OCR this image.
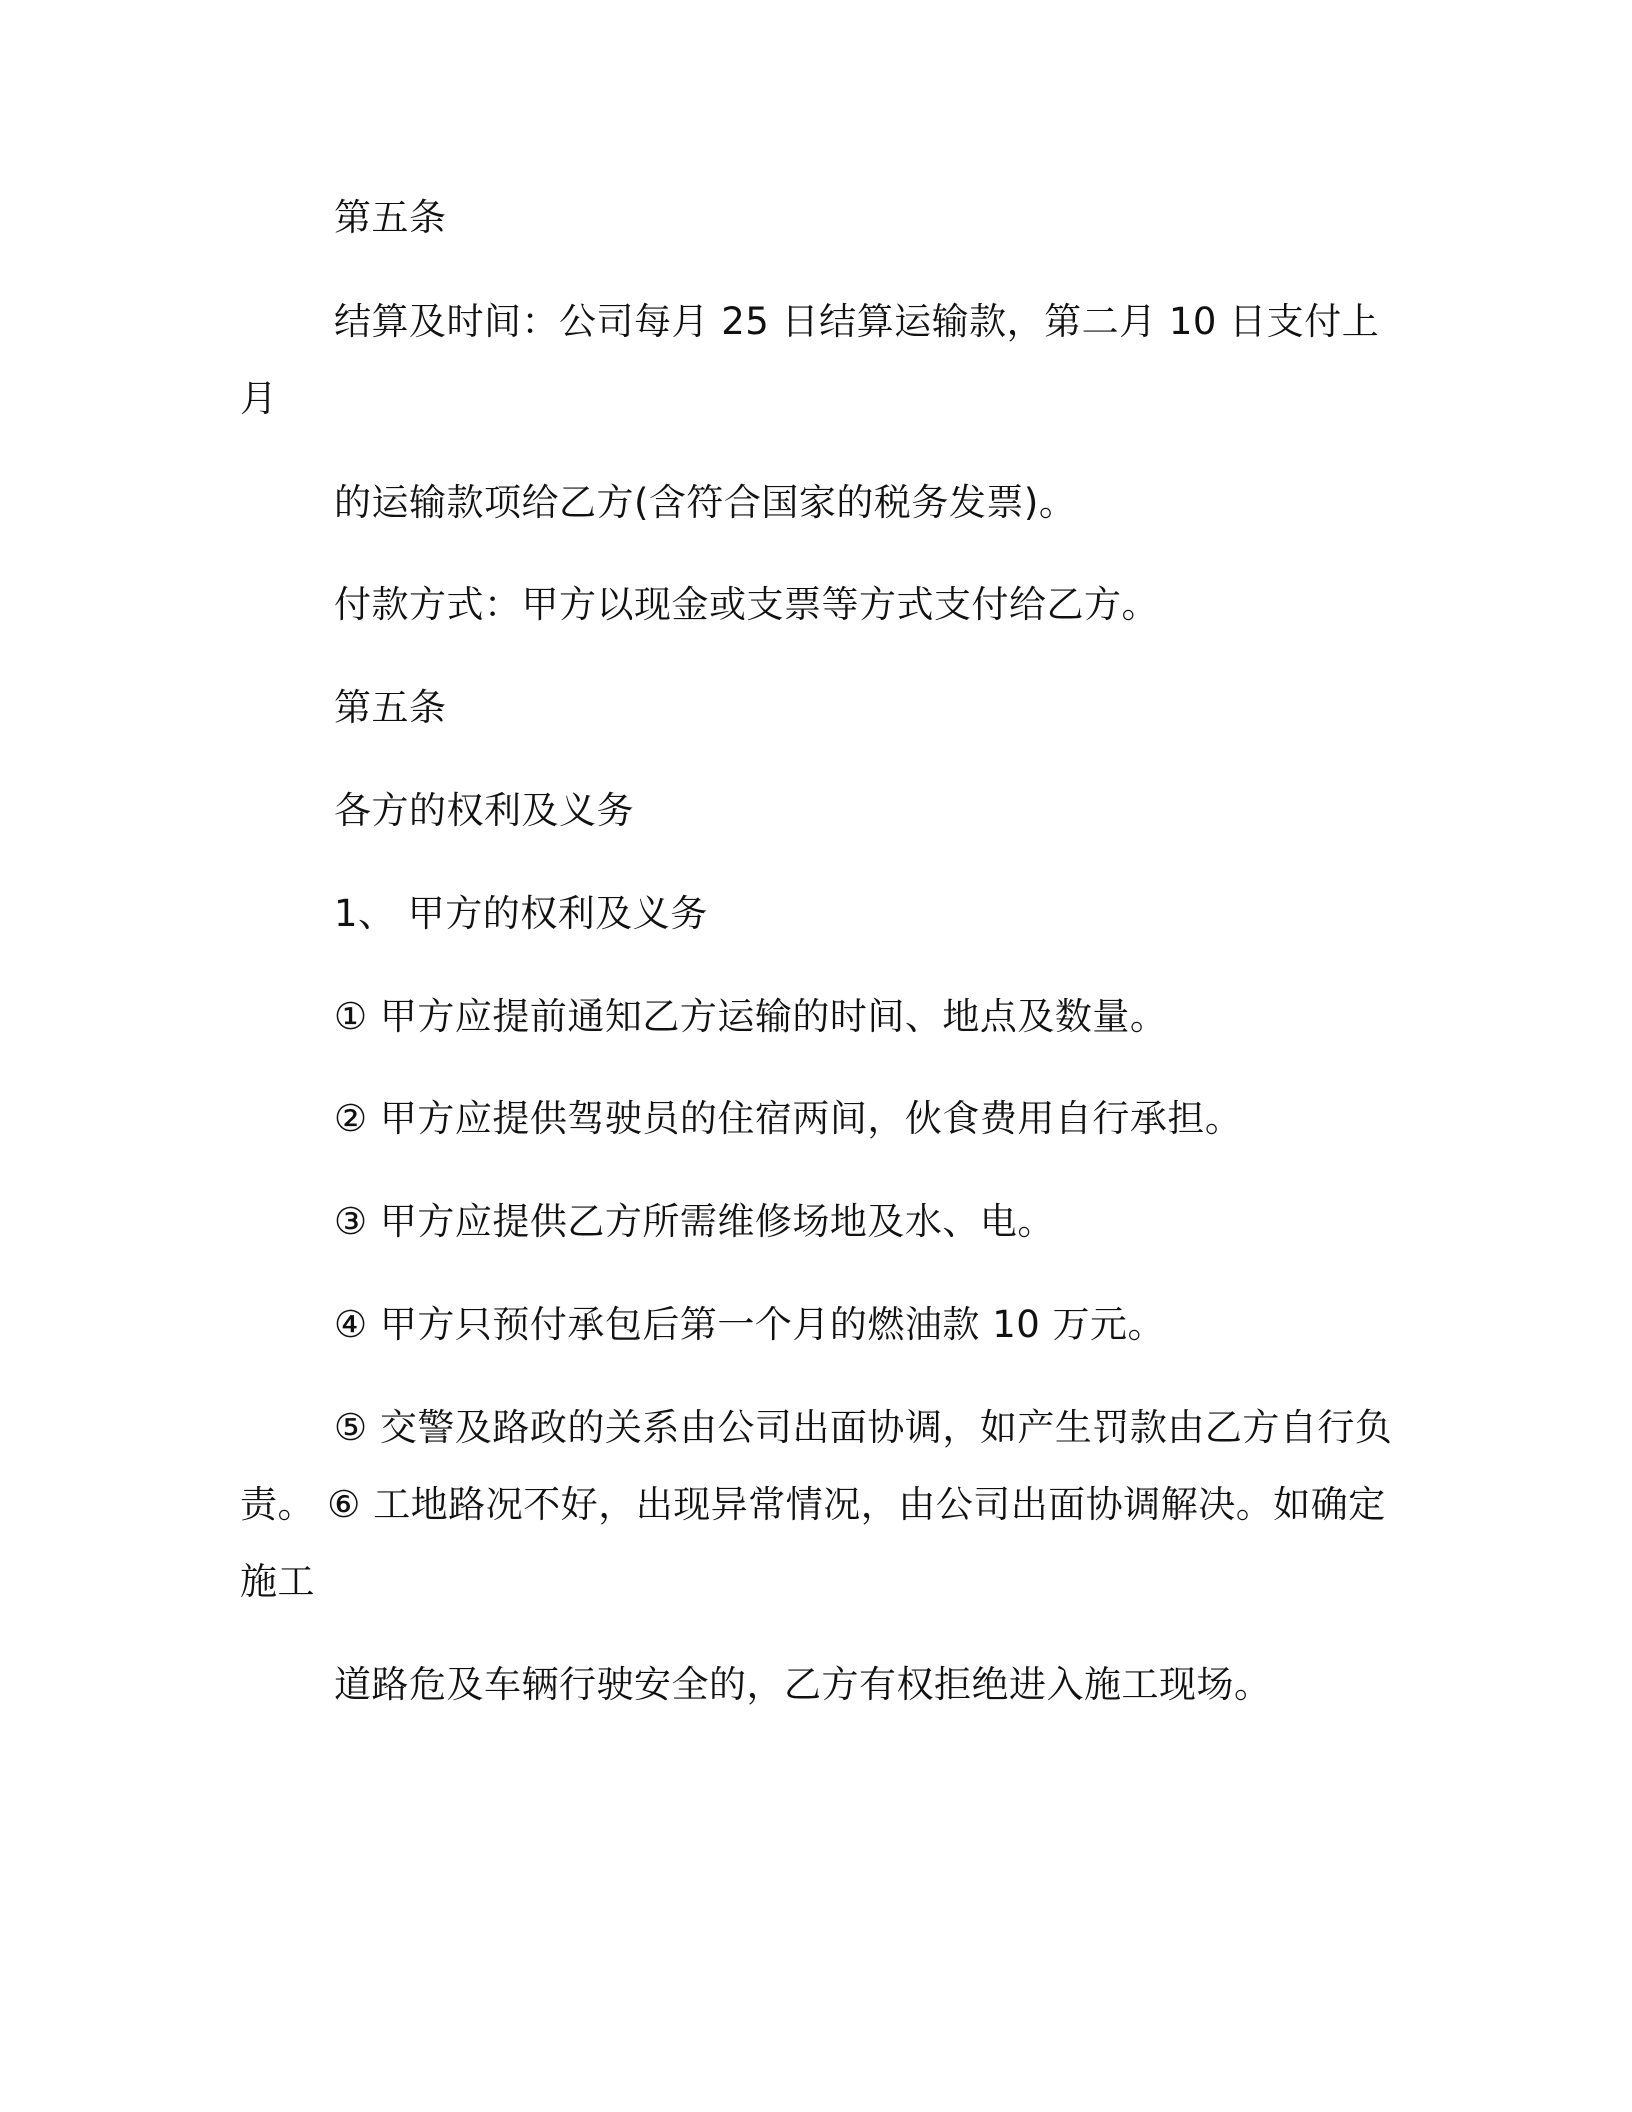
第五条
结算及时间：公司每月 25 日结算运输款，第二月 10 日支付上
月
的运输款项给乙方(含符合国家的税务发票)。
付款方式：甲方以现金或支票等方式支付给乙方。
第五条
各方的权利及义务
1、 甲方的权利及义务
① 甲方应提前通知乙方运输的时间、地点及数量。
② 甲方应提供驾驶员的住宿两间，伙食费用自行承担。
③ 甲方应提供乙方所需维修场地及水、电。
④ 甲方只预付承包后第一个月的燃油款 10 万元。
⑤ 交警及路政的关系由公司出面协调，如产生罚款由乙方自行负
责。 ⑥ 工地路况不好，出现异常情况，由公司出面协调解决。如确定
施工
道路危及车辆行驶安全的，乙方有权拒绝进入施工现场。
